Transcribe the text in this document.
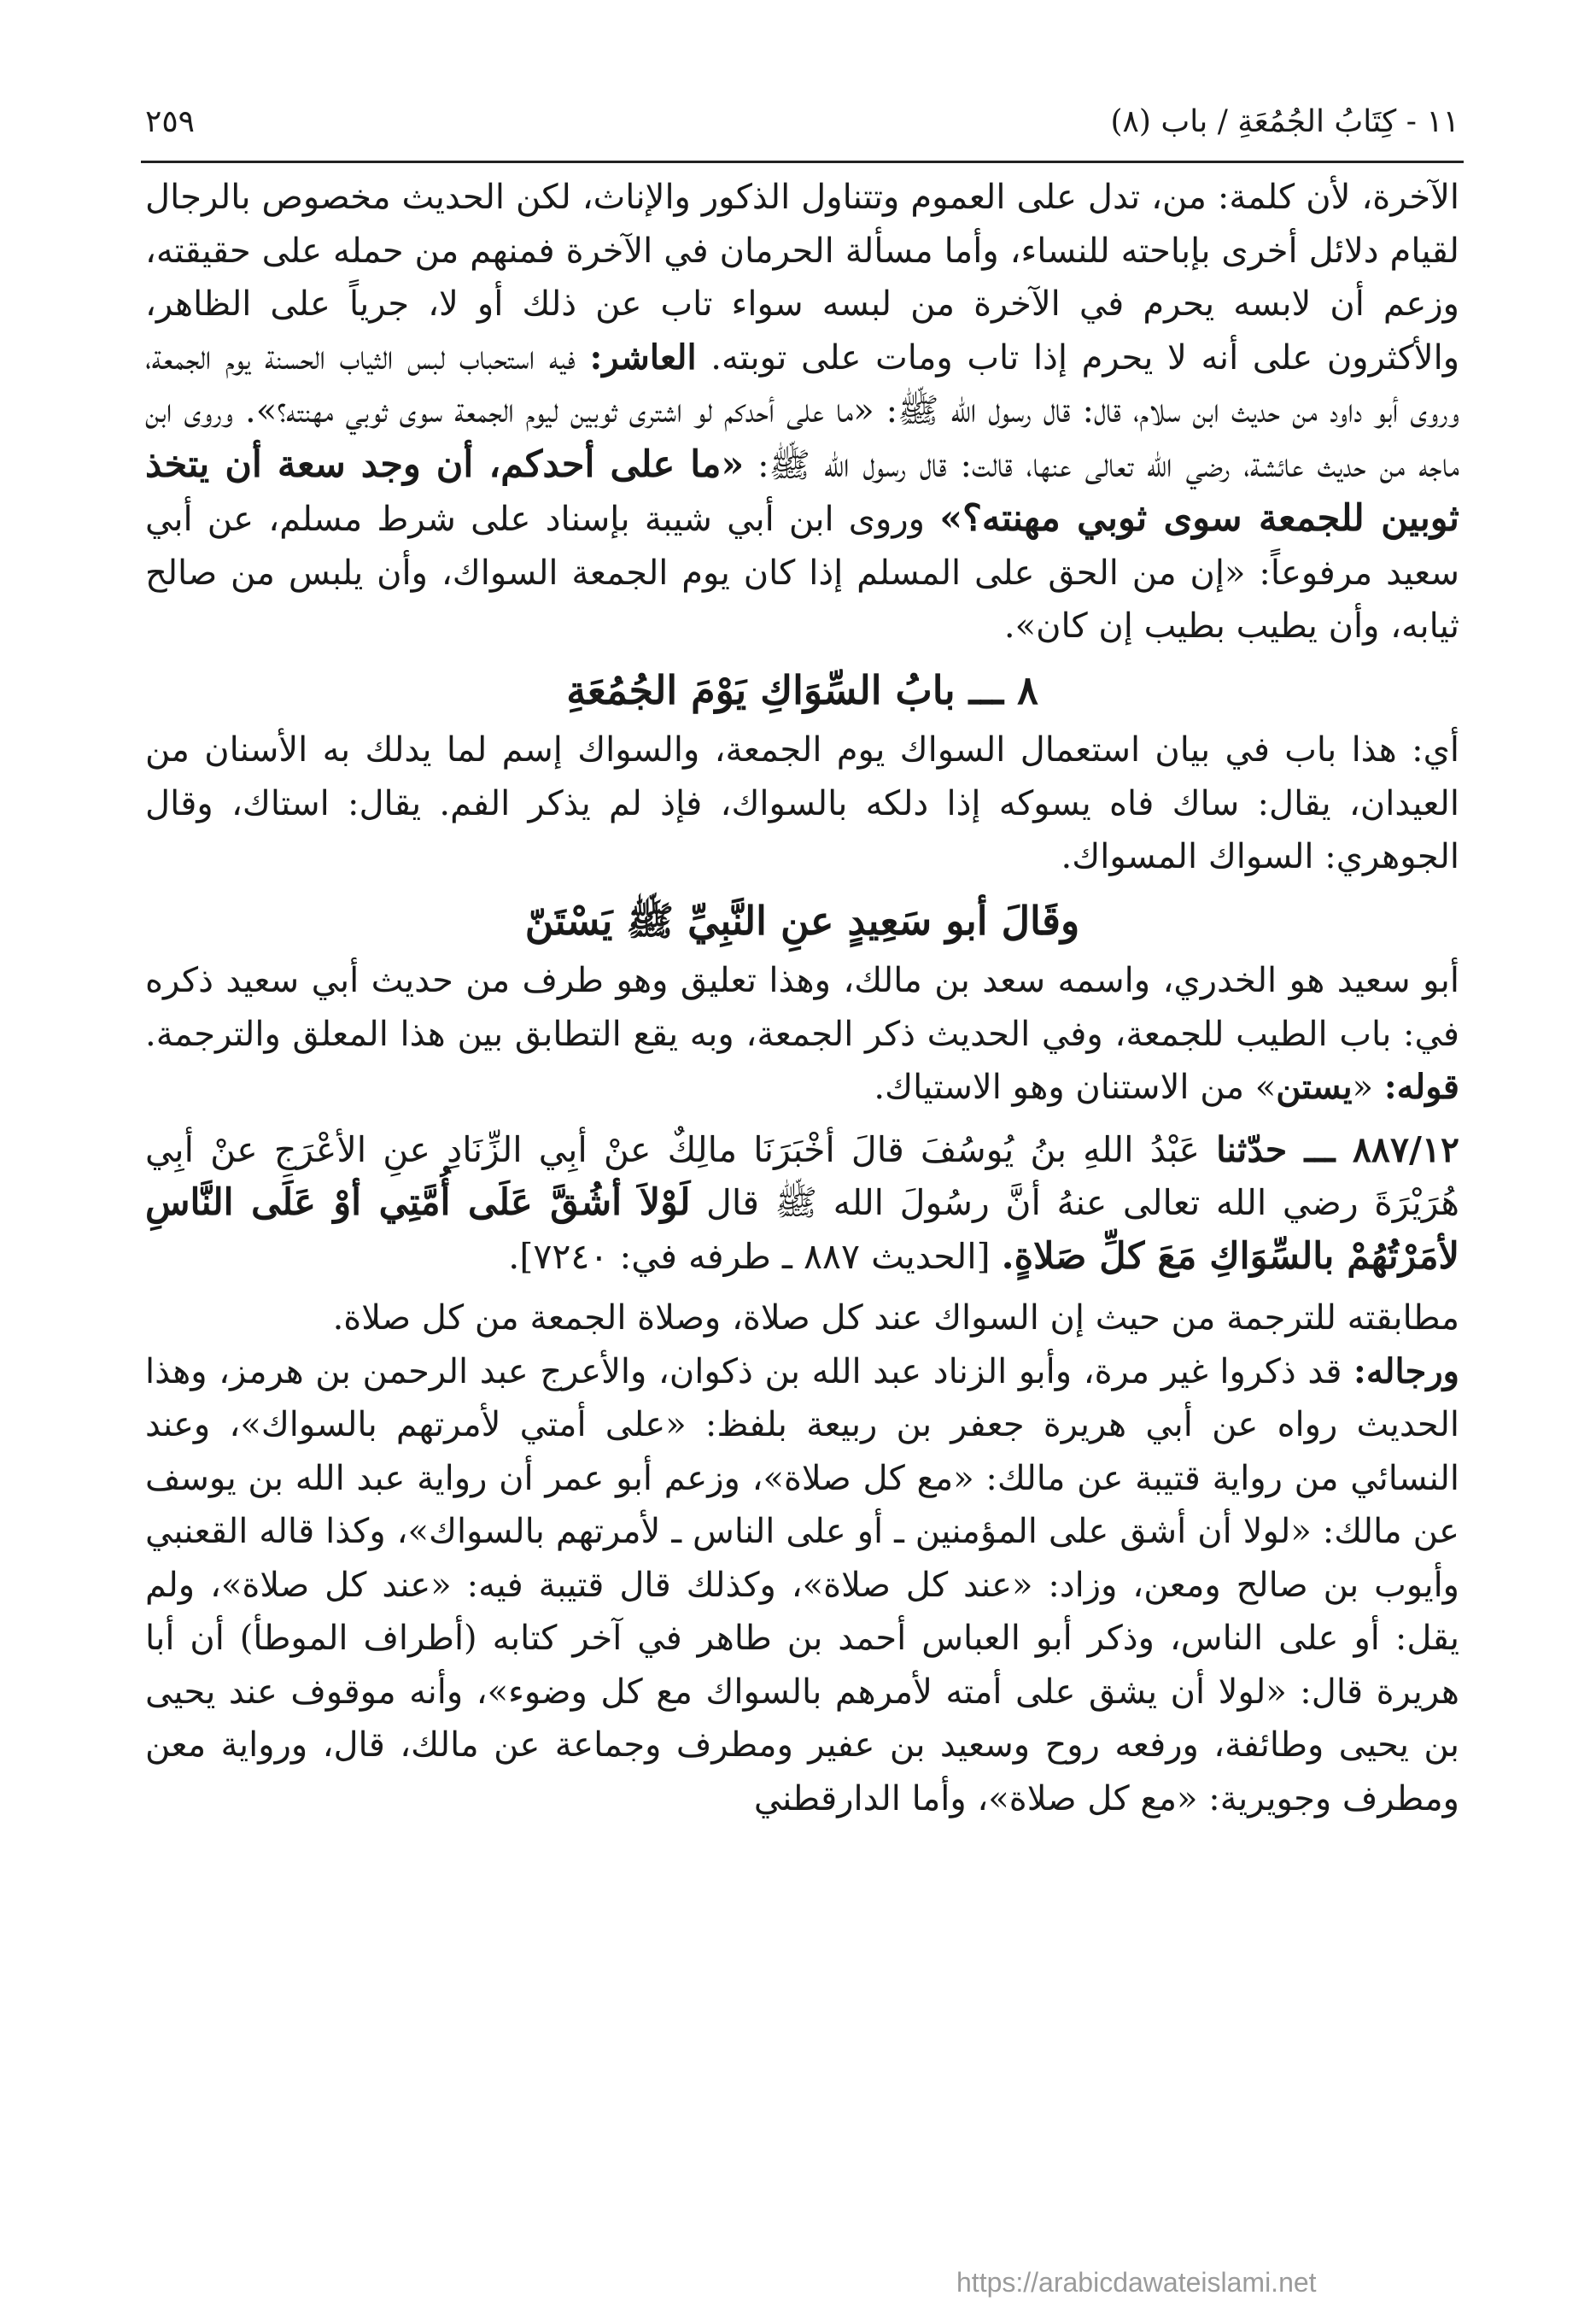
١١ - كِتَابُ الجُمُعَةِ / باب (٨)
٢٥٩

الآخرة، لأن كلمة: من، تدل على العموم وتتناول الذكور والإناث، لكن الحديث مخصوص بالرجال لقيام دلائل أخرى بإباحته للنساء، وأما مسألة الحرمان في الآخرة فمنهم من حمله على حقيقته، وزعم أن لابسه يحرم في الآخرة من لبسه سواء تاب عن ذلك أو لا، جرياً على الظاهر، والأكثرون على أنه لا يحرم إذا تاب ومات على توبته. العاشر: فيه استحباب لبس الثياب الحسنة يوم الجمعة، وروى أبو داود من حديث ابن سلام، قال: قال رسول الله ﷺ: «ما على أحدكم لو اشترى ثوبين ليوم الجمعة سوى ثوبي مهنته؟». وروى ابن ماجه من حديث عائشة، رضي الله تعالى عنها، قالت: قال رسول الله ﷺ: «ما على أحدكم، أن وجد سعة أن يتخذ ثوبين للجمعة سوى ثوبي مهنته؟» وروى ابن أبي شيبة بإسناد على شرط مسلم، عن أبي سعيد مرفوعاً: «إن من الحق على المسلم إذا كان يوم الجمعة السواك، وأن يلبس من صالح ثيابه، وأن يطيب بطيب إن كان».

٨ ـــ بابُ السِّوَاكِ يَوْمَ الجُمُعَةِ

أي: هذا باب في بيان استعمال السواك يوم الجمعة، والسواك إسم لما يدلك به الأسنان من العيدان، يقال: ساك فاه يسوكه إذا دلكه بالسواك، فإذ لم يذكر الفم. يقال: استاك، وقال الجوهري: السواك المسواك.

وقَالَ أبو سَعِيدٍ عنِ النَّبِيِّ ﷺ يَسْتَنّ

أبو سعيد هو الخدري، واسمه سعد بن مالك، وهذا تعليق وهو طرف من حديث أبي سعيد ذكره في: باب الطيب للجمعة، وفي الحديث ذكر الجمعة، وبه يقع التطابق بين هذا المعلق والترجمة. قوله: «يستن» من الاستنان وهو الاستياك.

٨٨٧/١٢ ـــ حدّثنا عَبْدُ اللهِ بنُ يُوسُفَ قالَ أخْبَرَنَا مالِكٌ عنْ أبِي الزِّنَادِ عنِ الأعْرَجِ عنْ أبِي هُرَيْرَةَ رضي الله تعالى عنهُ أنَّ رسُولَ الله ﷺ قال لَوْلاَ أشُقَّ عَلَى أُمَّتِي أوْ عَلَى النَّاسِ لأمَرْتُهُمْ بالسِّوَاكِ مَعَ كلِّ صَلاةٍ. [الحديث ٨٨٧ ـ طرفه في: ٧٢٤٠].

مطابقته للترجمة من حيث إن السواك عند كل صلاة، وصلاة الجمعة من كل صلاة.

ورجاله: قد ذكروا غير مرة، وأبو الزناد عبد الله بن ذكوان، والأعرج عبد الرحمن بن هرمز، وهذا الحديث رواه عن أبي هريرة جعفر بن ربيعة بلفظ: «على أمتي لأمرتهم بالسواك»، وعند النسائي من رواية قتيبة عن مالك: «مع كل صلاة»، وزعم أبو عمر أن رواية عبد الله بن يوسف عن مالك: «لولا أن أشق على المؤمنين ـ أو على الناس ـ لأمرتهم بالسواك»، وكذا قاله القعنبي وأيوب بن صالح ومعن، وزاد: «عند كل صلاة»، وكذلك قال قتيبة فيه: «عند كل صلاة»، ولم يقل: أو على الناس، وذكر أبو العباس أحمد بن طاهر في آخر كتابه (أطراف الموطأ) أن أبا هريرة قال: «لولا أن يشق على أمته لأمرهم بالسواك مع كل وضوء»، وأنه موقوف عند يحيى بن يحيى وطائفة، ورفعه روح وسعيد بن عفير ومطرف وجماعة عن مالك، قال، ورواية معن ومطرف وجويرية: «مع كل صلاة»، وأما الدارقطني

https://arabicdawateislami.net
